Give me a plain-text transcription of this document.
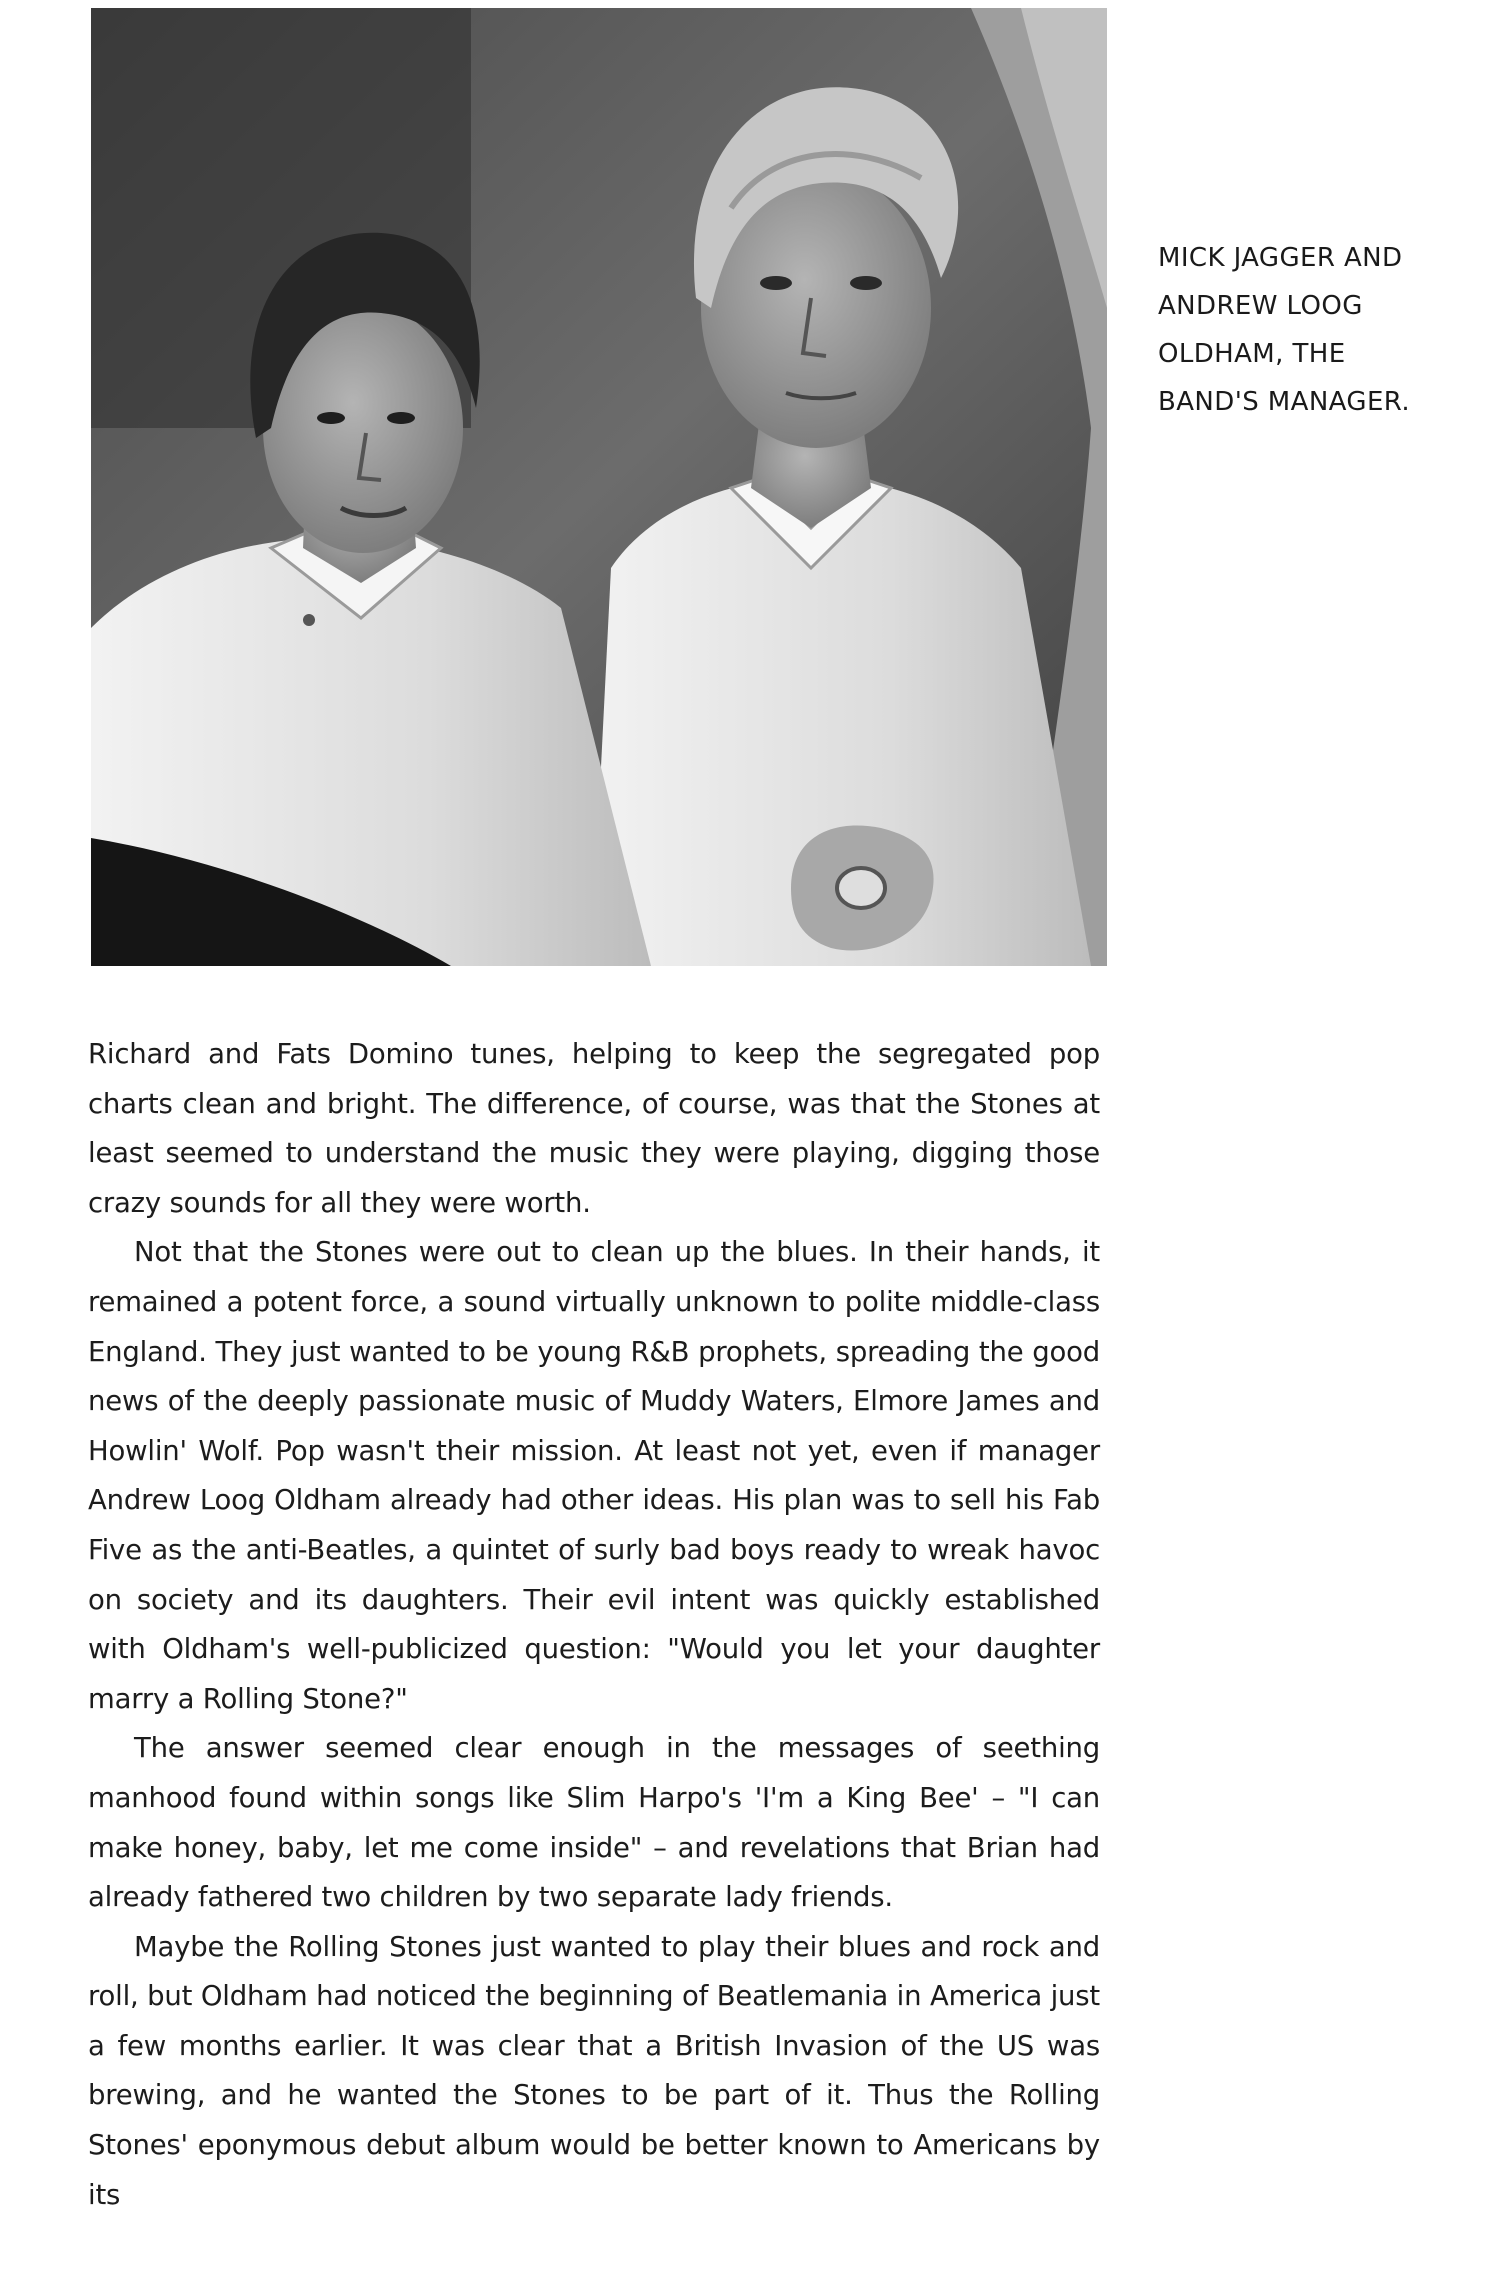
MICK JAGGER AND
ANDREW LOOG
OLDHAM, THE
BAND'S MANAGER.

Richard and Fats Domino tunes, helping to keep the segregated pop charts clean and bright. The difference, of course, was that the Stones at least seemed to understand the music they were playing, digging those crazy sounds for all they were worth.

Not that the Stones were out to clean up the blues. In their hands, it remained a potent force, a sound virtually unknown to polite middle-class England. They just wanted to be young R&B prophets, spreading the good news of the deeply passionate music of Muddy Waters, Elmore James and Howlin' Wolf. Pop wasn't their mission. At least not yet, even if manager Andrew Loog Oldham already had other ideas. His plan was to sell his Fab Five as the anti-Beatles, a quintet of surly bad boys ready to wreak havoc on society and its daughters. Their evil intent was quickly established with Oldham's well-publicized question: "Would you let your daughter marry a Rolling Stone?"

The answer seemed clear enough in the messages of seething manhood found within songs like Slim Harpo's 'I'm a King Bee' – "I can make honey, baby, let me come inside" – and revelations that Brian had already fathered two children by two separate lady friends.

Maybe the Rolling Stones just wanted to play their blues and rock and roll, but Oldham had noticed the beginning of Beatlemania in America just a few months earlier. It was clear that a British Invasion of the US was brewing, and he wanted the Stones to be part of it. Thus the Rolling Stones' eponymous debut album would be better known to Americans by its
